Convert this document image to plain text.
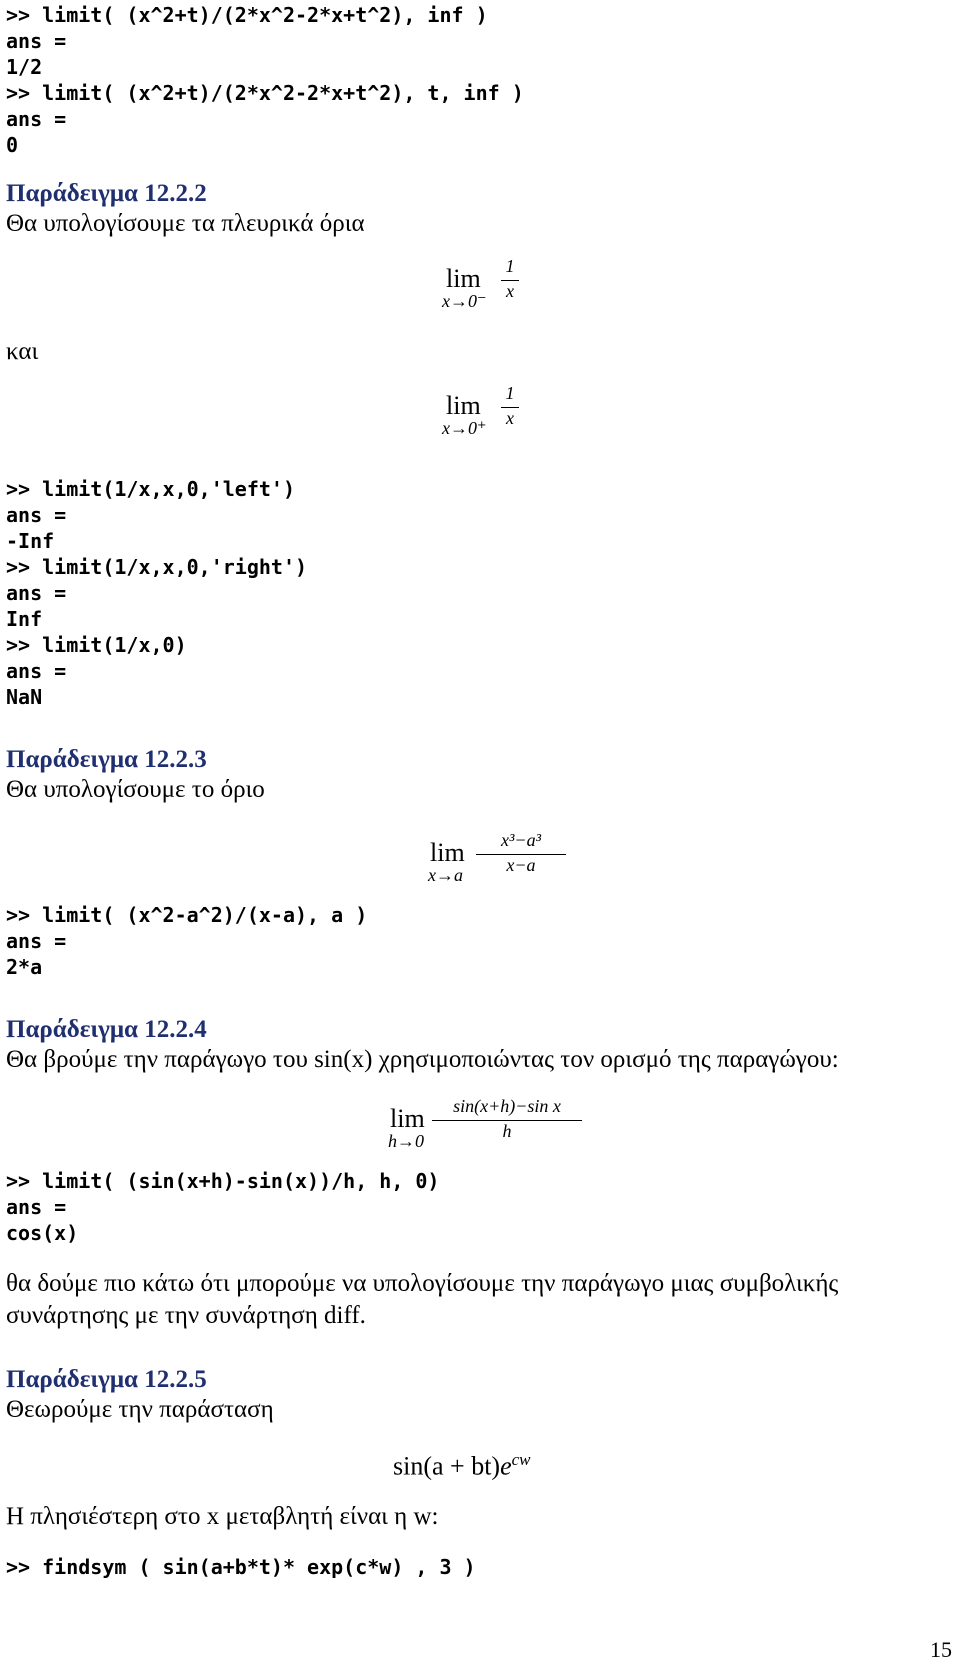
>> limit( (x^2+t)/(2*x^2-2*x+t^2), inf )
ans =
1/2
>> limit( (x^2+t)/(2*x^2-2*x+t^2), t, inf )
ans =
0
Παράδειγμα 12.2.2
Θα υπολογίσουμε τα πλευρικά όρια
lim
x→0⁻
1
x
και
lim
x→0⁺
1
x
>> limit(1/x,x,0,'left')
ans =
-Inf
>> limit(1/x,x,0,'right')
ans =
Inf
>> limit(1/x,0)
ans =
NaN
Παράδειγμα 12.2.3
Θα υπολογίσουμε το όριο
lim
x→a
x³−a³
x−a
>> limit( (x^2-a^2)/(x-a), a )
ans =
2*a
Παράδειγμα 12.2.4
Θα βρούμε την παράγωγο του sin(x) χρησιμοποιώντας τον ορισμό της παραγώγου:
lim
h→0
sin(x+h)−sin x
h
>> limit( (sin(x+h)-sin(x))/h, h, 0)
ans =
cos(x)
θα δούμε πιο κάτω ότι μπορούμε να υπολογίσουμε την παράγωγο μιας συμβολικής
συνάρτησης με την συνάρτηση diff.
Παράδειγμα 12.2.5
Θεωρούμε την παράσταση
$\sin(a + bt)e^{cw}$
Η πλησιέστερη στο x μεταβλητή είναι η w:
>> findsym ( sin(a+b*t)* exp(c*w) , 3 )
15
